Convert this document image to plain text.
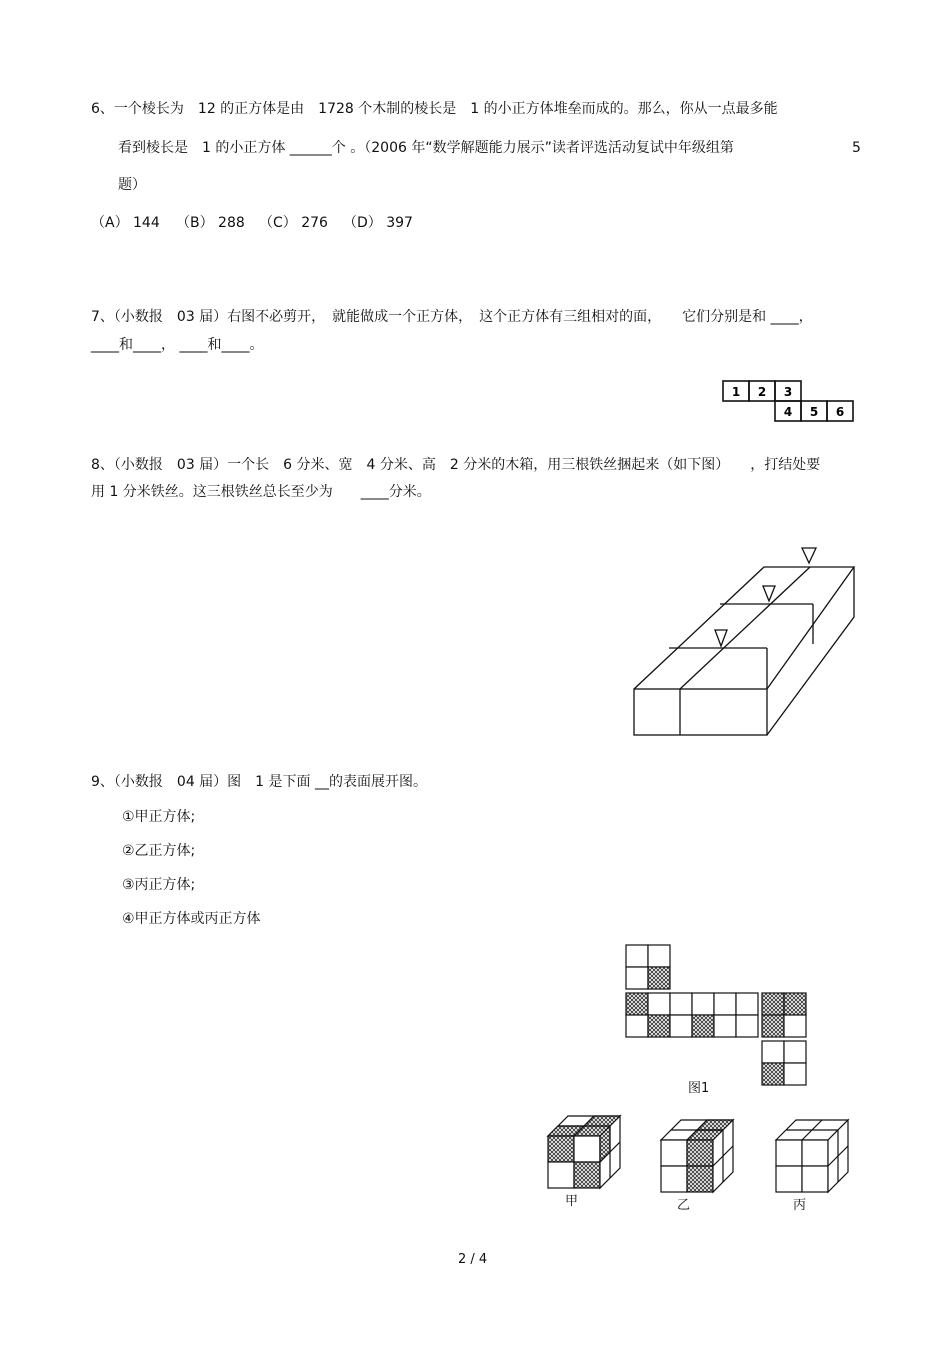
6、一个棱长为　12 的正方体是由　1728 个木制的棱长是　1 的小正方体堆垒而成的。那么，你从一点最多能
看到棱长是　1 的小正方体 ______个 。（2006 年“数学解题能力展示”读者评选活动复试中年级组第	5
题）
（A） 144 （B） 288 （C） 276 （D） 397
7、（小数报　03 届）右图不必剪开，　就能做成一个正方体，　这个正方体有三组相对的面，　　它们分别是和 ____，
____和____， ____和____。
1 2 3
4 5 6
8、（小数报　03 届）一个长　6 分米、宽　4 分米、高　2 分米的木箱，用三根铁丝捆起来（如下图）　　，打结处要
用 1 分米铁丝。这三根铁丝总长至少为　　____分米。
9、（小数报　04 届）图　1 是下面 __的表面展开图。
①甲正方体;
②乙正方体;
③丙正方体;
④甲正方体或丙正方体
图1
甲	乙	丙
2 / 4
